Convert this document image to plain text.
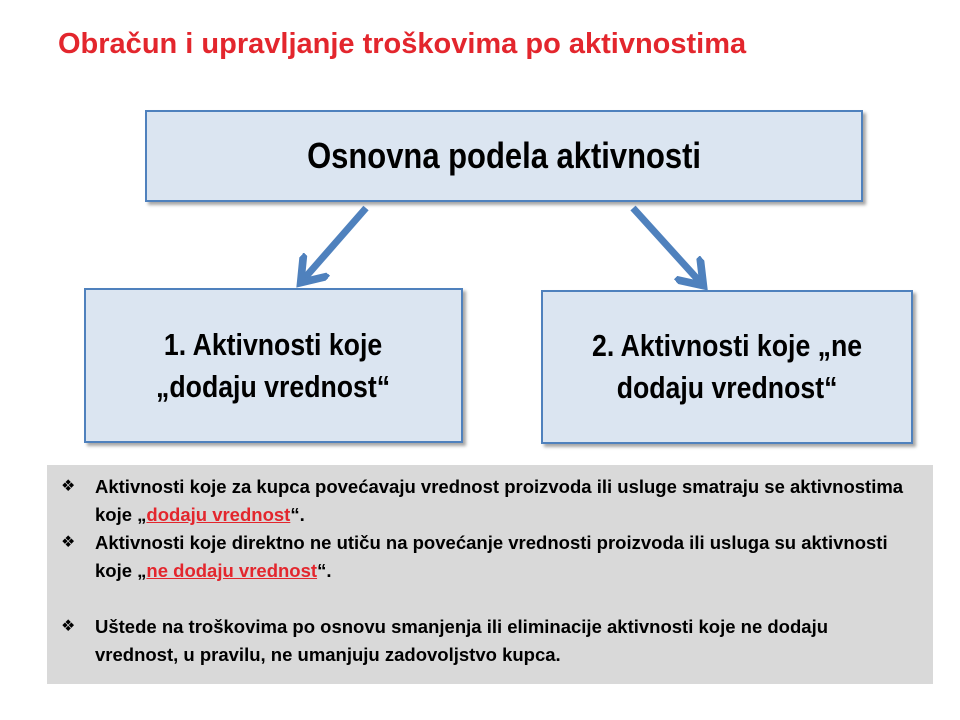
Obračun i upravljanje troškovima po aktivnostima
Osnovna podela aktivnosti
1. Aktivnosti koje
„dodaju vrednost“
2. Aktivnosti koje „ne
dodaju vrednost“
❖	Aktivnosti koje za kupca povećavaju vrednost proizvoda ili usluge smatraju se aktivnostima koje „dodaju vrednost“.
❖	Aktivnosti koje direktno ne utiču na povećanje vrednosti proizvoda ili usluga su aktivnosti koje „ne dodaju vrednost“.
❖	Uštede na troškovima po osnovu smanjenja ili eliminacije aktivnosti koje ne dodaju vrednost, u pravilu, ne umanjuju zadovoljstvo kupca.
